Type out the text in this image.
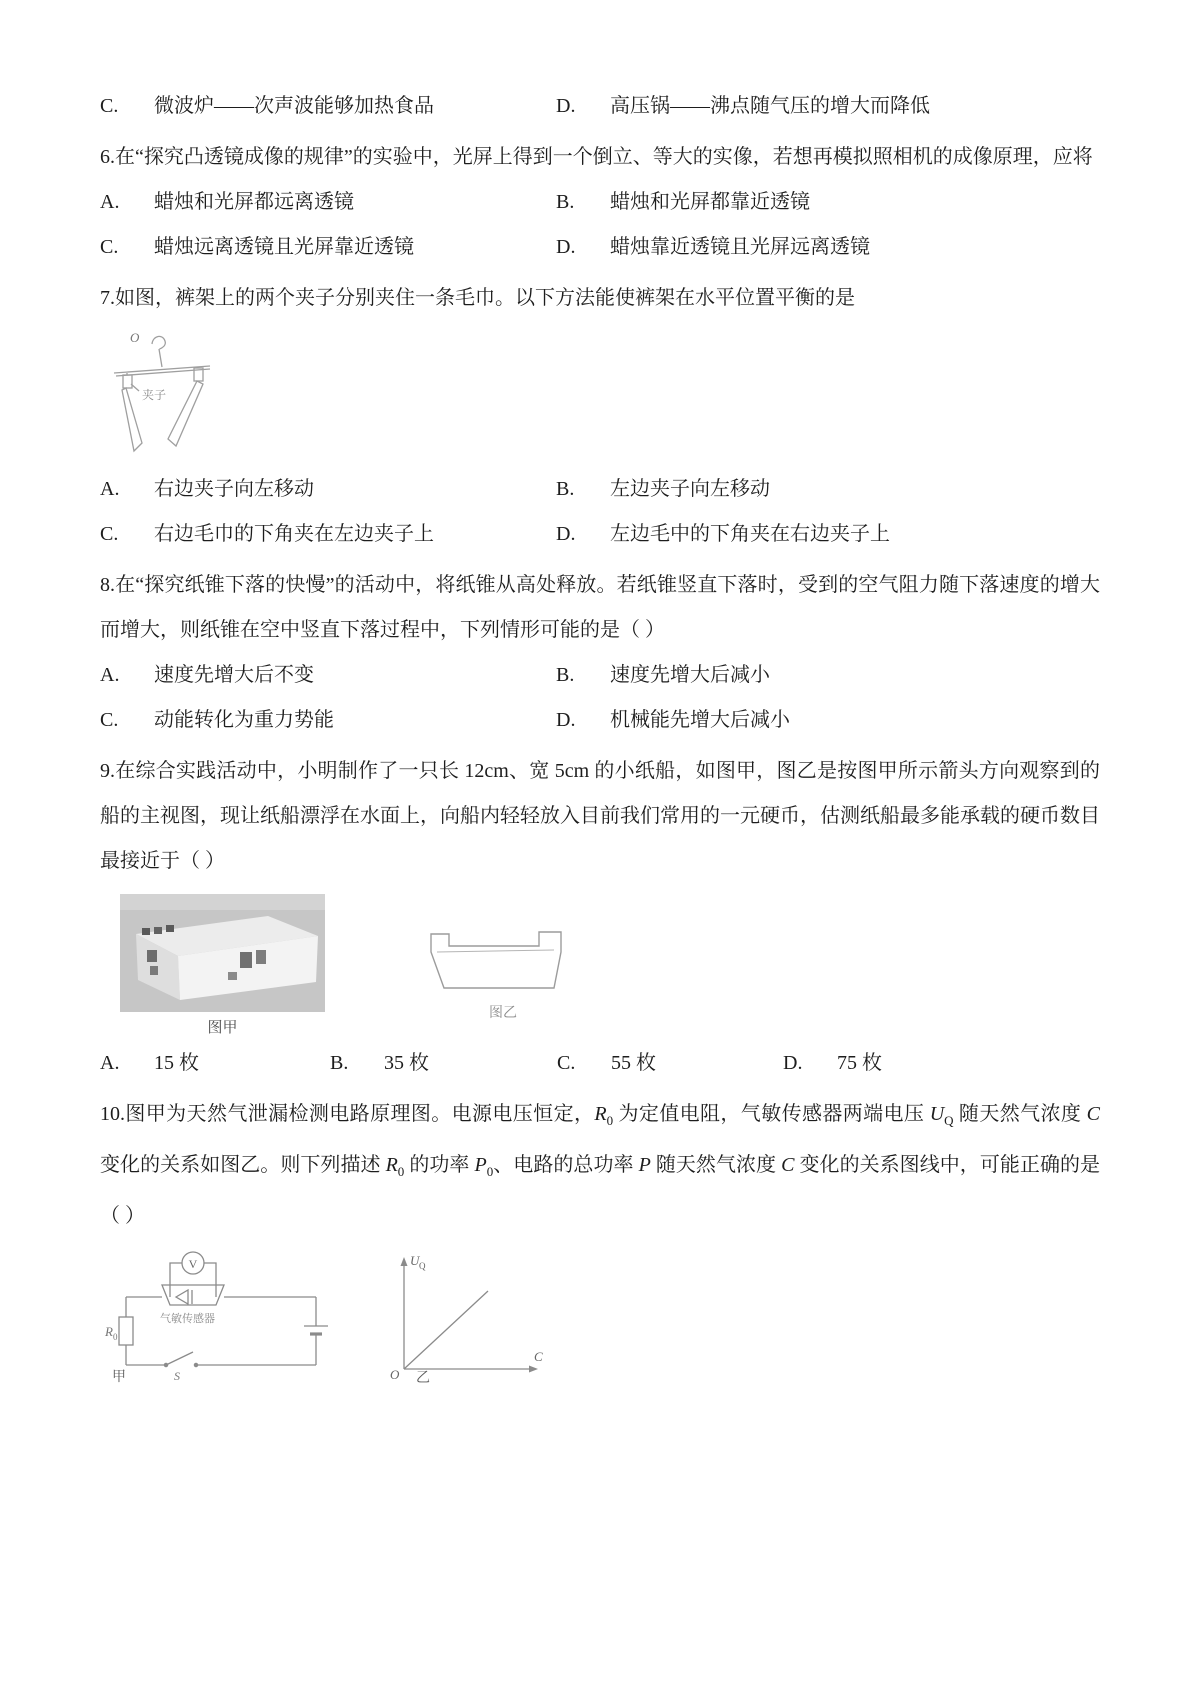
C. 微波炉——次声波能够加热食品	D. 高压锅——沸点随气压的增大而降低

6.在“探究凸透镜成像的规律”的实验中，光屏上得到一个倒立、等大的实像，若想再模拟照相机的成像原理，应将

A. 蜡烛和光屏都远离透镜	B. 蜡烛和光屏都靠近透镜
C. 蜡烛远离透镜且光屏靠近透镜	D. 蜡烛靠近透镜且光屏远离透镜

7.如图，裤架上的两个夹子分别夹住一条毛巾。以下方法能使裤架在水平位置平衡的是

O
夹子
A. 右边夹子向左移动	B. 左边夹子向左移动
C. 右边毛巾的下角夹在左边夹子上	D. 左边毛中的下角夹在右边夹子上

8.在“探究纸锥下落的快慢”的活动中，将纸锥从高处释放。若纸锥竖直下落时，受到的空气阻力随下落速度的增大而增大，则纸锥在空中竖直下落过程中，下列情形可能的是（ ）

A. 速度先增大后不变	B. 速度先增大后减小
C. 动能转化为重力势能	D. 机械能先增大后减小

9.在综合实践活动中，小明制作了一只长 12cm、宽 5cm 的小纸船，如图甲，图乙是按图甲所示箭头方向观察到的船的主视图，现让纸船漂浮在水面上，向船内轻轻放入目前我们常用的一元硬币，估测纸船最多能承载的硬币数目最接近于（ ）

图甲
图乙
A. 15 枚	B. 35 枚	C. 55 枚	D. 75 枚

10.图甲为天然气泄漏检测电路原理图。电源电压恒定，$R_0$ 为定值电阻，气敏传感器两端电压 $U_Q$ 随天然气浓度 C 变化的关系如图乙。则下列描述 $R_0$ 的功率 $P_0$、电路的总功率 P 随天然气浓度 C 变化的关系图线中，可能正确的是（ ）

V
气敏传感器
R 0
S
甲
U Q
C
O 乙
